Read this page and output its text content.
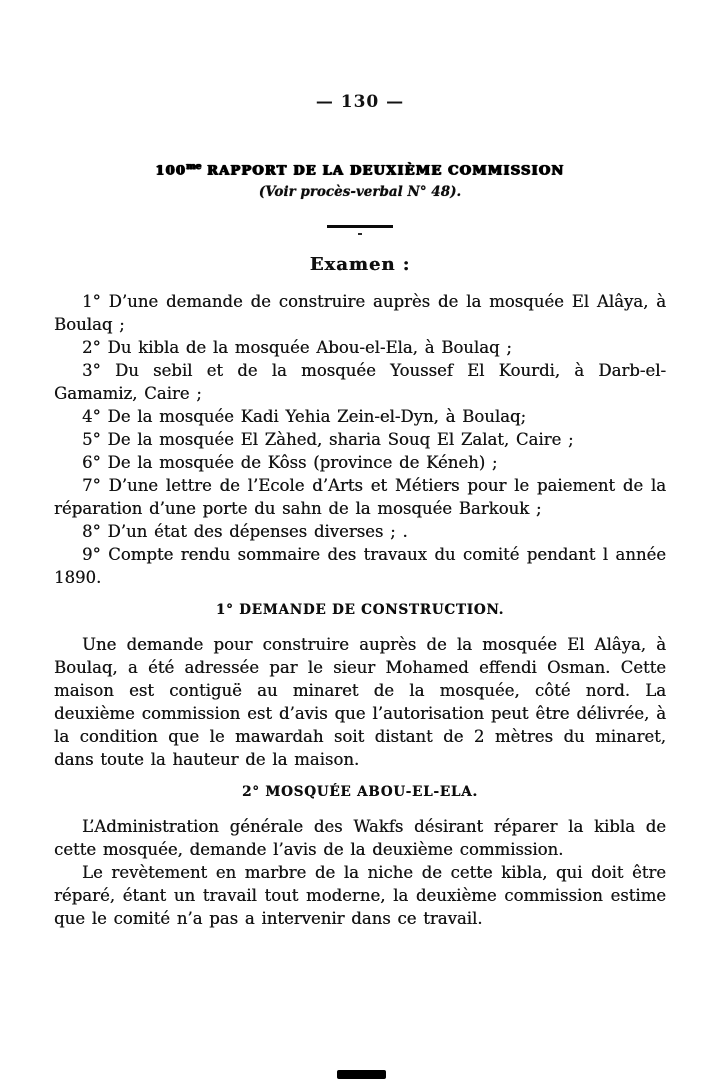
— 130 —
$100^{me}$ RAPPORT DE LA DEUXIÈME COMMISSION
(Voir procès-verbal N° 48).
Examen :

1° D’une demande de construire auprès de la mosquée El Alâya, à Boulaq ;

2° Du kibla de la mosquée Abou-el-Ela, à Boulaq ;

3° Du sebil et de la mosquée Youssef El Kourdi, à Darb-el-Gamamiz, Caire ;

4° De la mosquée Kadi Yehia Zein-el-Dyn, à Boulaq;

5° De la mosquée El Zàhed, sharia Souq El Zalat, Caire ;

6° De la mosquée de Kôss (province de Kéneh) ;

7° D’une lettre de l’Ecole d’Arts et Métiers pour le paiement de la réparation d’une porte du sahn de la mosquée Barkouk ;

8° D’un état des dépenses diverses ; .

9° Compte rendu sommaire des travaux du comité pendant l année 1890.

1° DEMANDE DE CONSTRUCTION.

Une demande pour construire auprès de la mosquée El Alâya, à Boulaq, a été adressée par le sieur Mohamed effendi Osman. Cette maison est contiguë au minaret de la mosquée, côté nord. La deuxième commission est d’avis que l’autorisation peut être délivrée, à la condition que le mawardah soit distant de 2 mètres du minaret, dans toute la hauteur de la maison.

2° MOSQUÉE ABOU-EL-ELA.

L’Administration générale des Wakfs désirant réparer la kibla de cette mosquée, demande l’avis de la deuxième commission.

Le revètement en marbre de la niche de cette kibla, qui doit être réparé, étant un travail tout moderne, la deuxième commission estime que le comité n’a pas a intervenir dans ce travail.
